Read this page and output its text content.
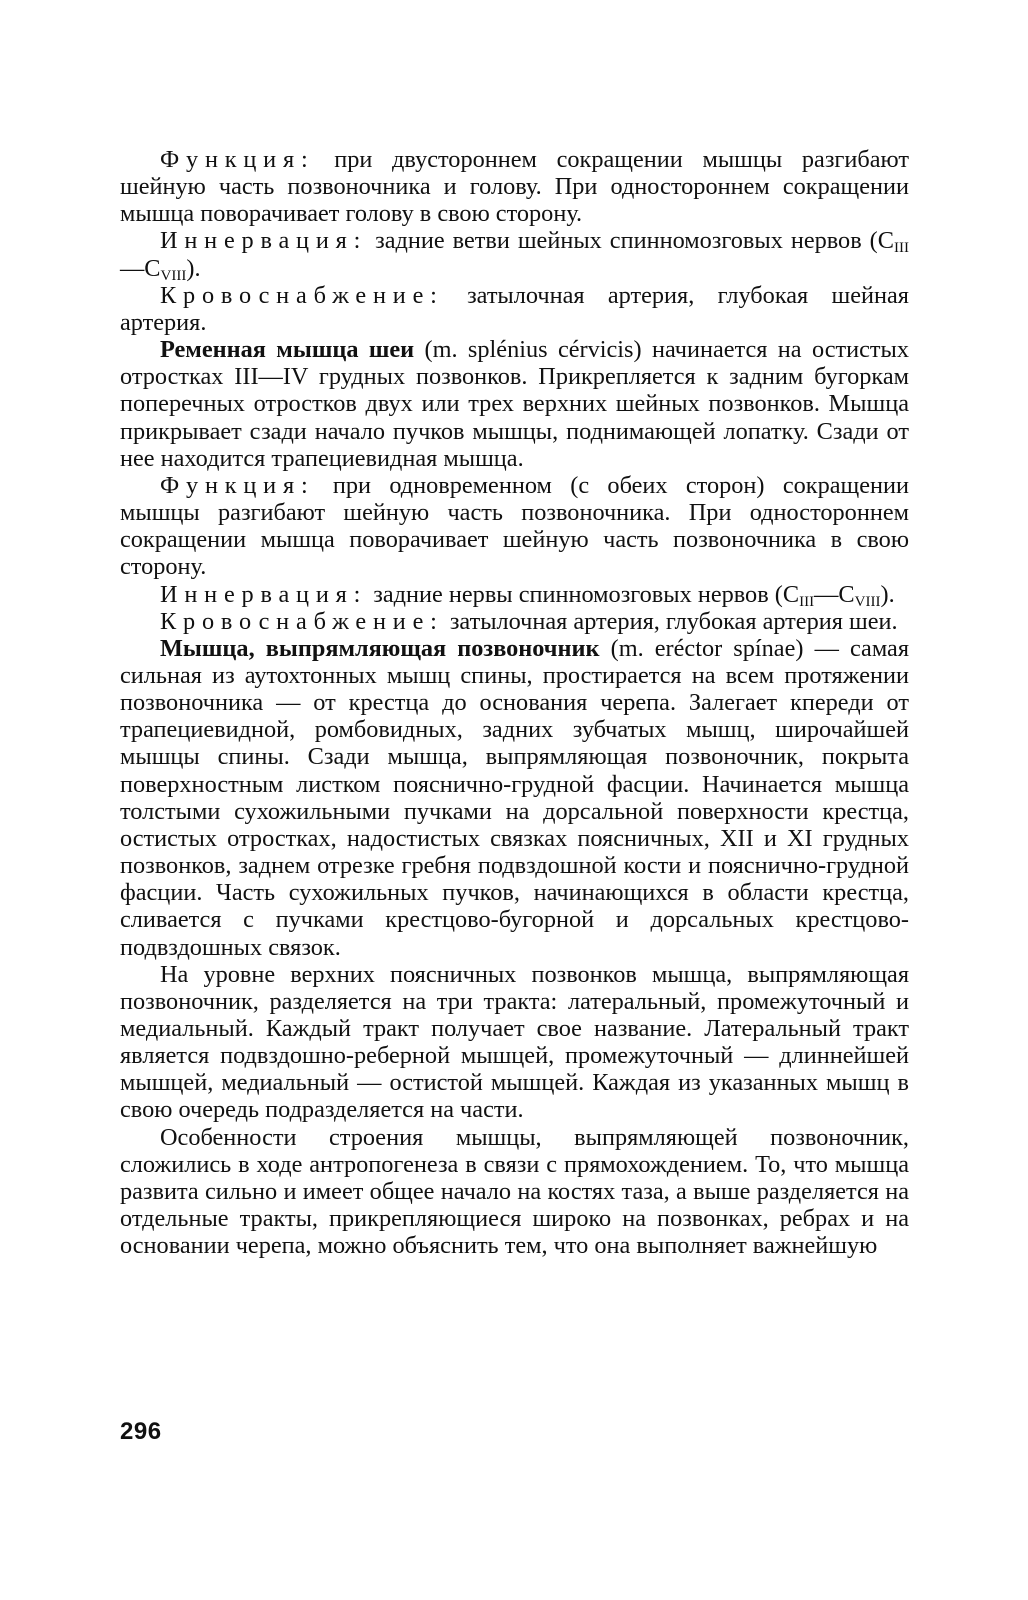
Функция: при двустороннем сокращении мышцы разгибают шейную часть позвоночника и голову. При одностороннем сокращении мышца поворачивает голову в свою сторону.

Иннервация: задние ветви шейных спинномозговых нервов $(C_{III}—C_{VIII})$.

Кровоснабжение: затылочная артерия, глубокая шейная артерия.

Ременная мышца шеи (m. splénius cérvicis) начинается на остистых отростках III—IV грудных позвонков. Прикрепляется к задним бугоркам поперечных отростков двух или трех верхних шейных позвонков. Мышца прикрывает сзади начало пучков мышцы, поднимающей лопатку. Сзади от нее находится трапециевидная мышца.

Функция: при одновременном (с обеих сторон) сокращении мышцы разгибают шейную часть позвоночника. При одностороннем сокращении мышца поворачивает шейную часть позвоночника в свою сторону.

Иннервация: задние нервы спинномозговых нервов $(C_{III}—C_{VIII})$.

Кровоснабжение: затылочная артерия, глубокая артерия шеи.

Мышца, выпрямляющая позвоночник (m. eréctor spínae) — самая сильная из аутохтонных мышц спины, простирается на всем протяжении позвоночника — от крестца до основания черепа. Залегает кпереди от трапециевидной, ромбовидных, задних зубчатых мышц, широчайшей мышцы спины. Сзади мышца, выпрямляющая позвоночник, покрыта поверхностным листком пояснично-грудной фасции. Начинается мышца толстыми сухожильными пучками на дорсальной поверхности крестца, остистых отростках, надостистых связках поясничных, XII и XI грудных позвонков, заднем отрезке гребня подвздошной кости и пояснично-грудной фасции. Часть сухожильных пучков, начинающихся в области крестца, сливается с пучками крестцово-бугорной и дорсальных крестцово-подвздошных связок.

На уровне верхних поясничных позвонков мышца, выпрямляющая позвоночник, разделяется на три тракта: латеральный, промежуточный и медиальный. Каждый тракт получает свое название. Латеральный тракт является подвздошно-реберной мышцей, промежуточный — длиннейшей мышцей, медиальный — остистой мышцей. Каждая из указанных мышц в свою очередь подразделяется на части.

Особенности строения мышцы, выпрямляющей позвоночник, сложились в ходе антропогенеза в связи с прямохождением. То, что мышца развита сильно и имеет общее начало на костях таза, а выше разделяется на отдельные тракты, прикрепляющиеся широко на позвонках, ребрах и на основании черепа, можно объяснить тем, что она выполняет важнейшую

296
